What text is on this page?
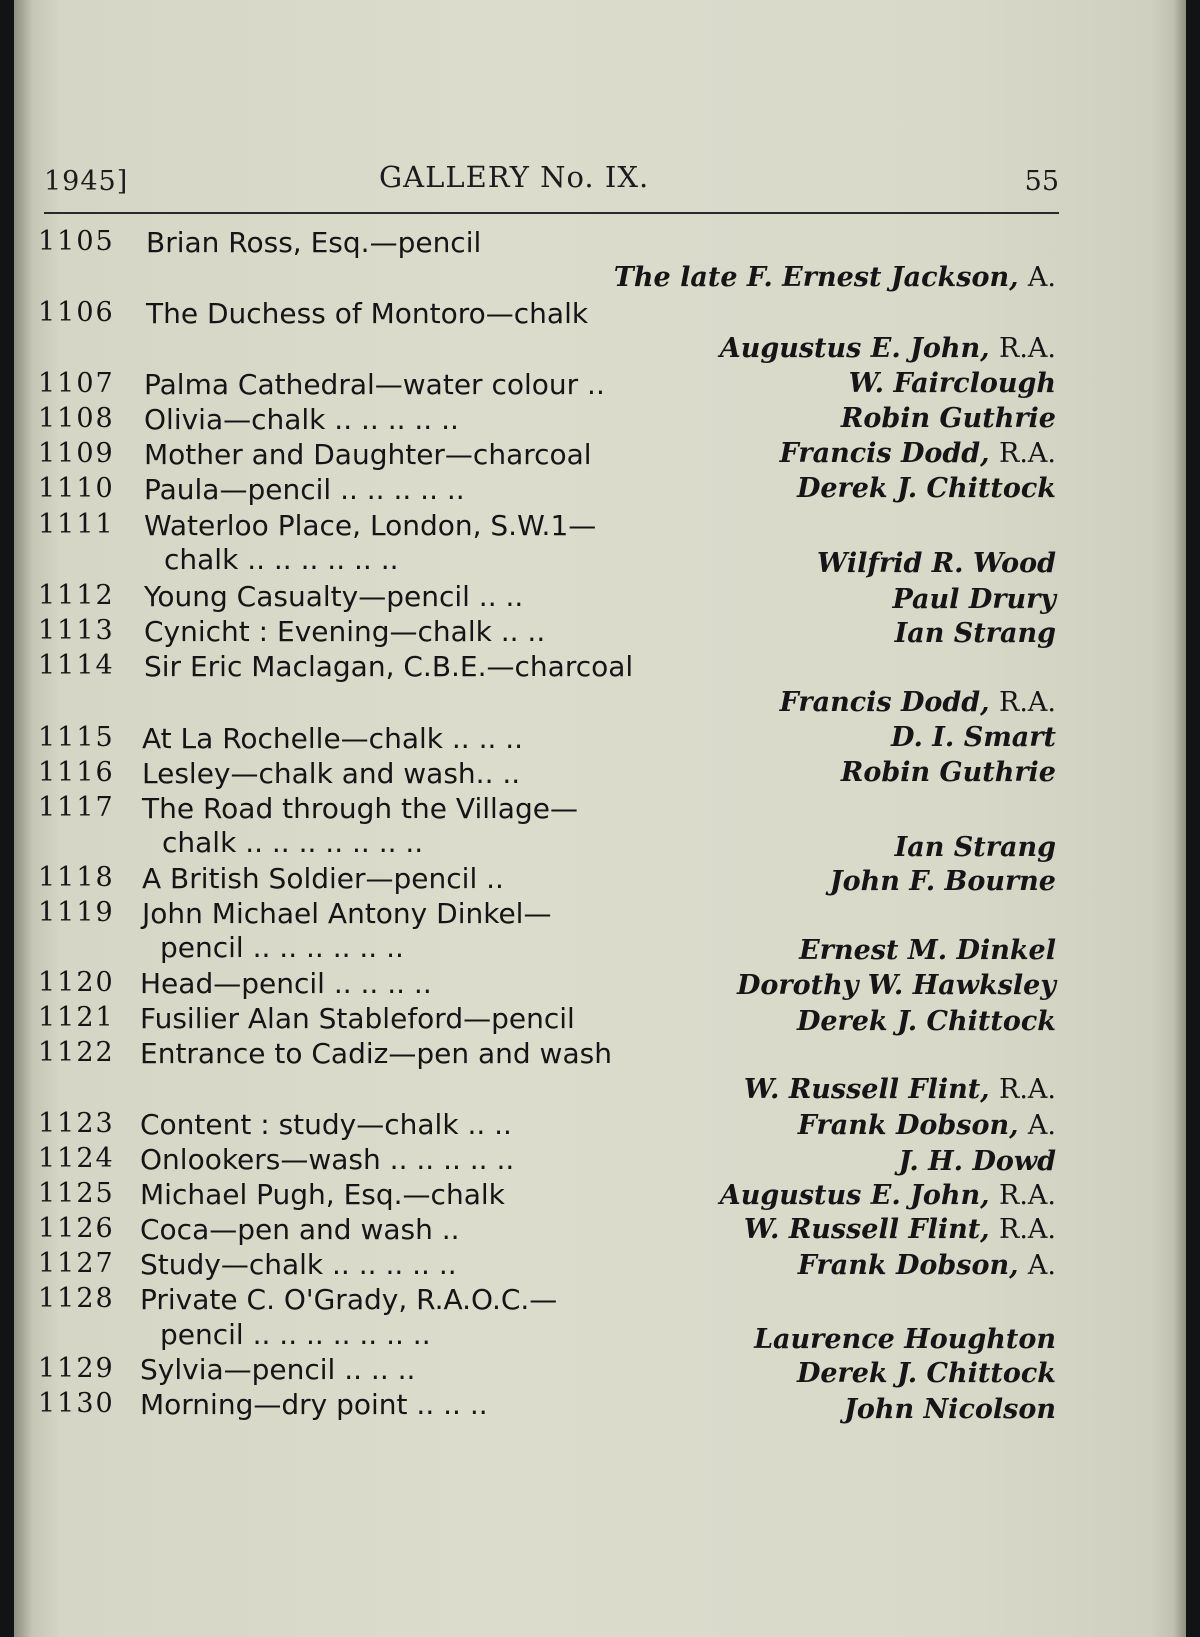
1945]	GALLERY No. IX.	55
1105 Brian Ross, Esq.—pencil
The late F. Ernest Jackson, A.
1106 The Duchess of Montoro—chalk
Augustus E. John, R.A.
1107 Palma Cathedral—water colour ..	W. Fairclough
1108 Olivia—chalk .. .. .. .. ..	Robin Guthrie
1109 Mother and Daughter—charcoal	Francis Dodd, R.A.
1110 Paula—pencil .. .. .. .. ..	Derek J. Chittock
1111 Waterloo Place, London, S.W.1—
chalk .. .. .. .. .. ..	Wilfrid R. Wood
1112 Young Casualty—pencil .. ..	Paul Drury
1113 Cynicht : Evening—chalk .. ..	Ian Strang
1114 Sir Eric Maclagan, C.B.E.—charcoal
Francis Dodd, R.A.
1115 At La Rochelle—chalk .. .. ..	D. I. Smart
1116 Lesley—chalk and wash.. ..	Robin Guthrie
1117 The Road through the Village—
chalk .. .. .. .. .. .. ..	Ian Strang
1118 A British Soldier—pencil ..	John F. Bourne
1119 John Michael Antony Dinkel—
pencil .. .. .. .. .. ..	Ernest M. Dinkel
1120 Head—pencil .. .. .. ..	Dorothy W. Hawksley
1121 Fusilier Alan Stableford—pencil	Derek J. Chittock
1122 Entrance to Cadiz—pen and wash
W. Russell Flint, R.A.
1123 Content : study—chalk .. ..	Frank Dobson, A.
1124 Onlookers—wash .. .. .. .. ..	J. H. Dowd
1125 Michael Pugh, Esq.—chalk	Augustus E. John, R.A.
1126 Coca—pen and wash ..	W. Russell Flint, R.A.
1127 Study—chalk .. .. .. .. ..	Frank Dobson, A.
1128 Private C. O'Grady, R.A.O.C.—
pencil .. .. .. .. .. .. ..	Laurence Houghton
1129 Sylvia—pencil .. .. ..	Derek J. Chittock
1130 Morning—dry point .. .. ..	John Nicolson
